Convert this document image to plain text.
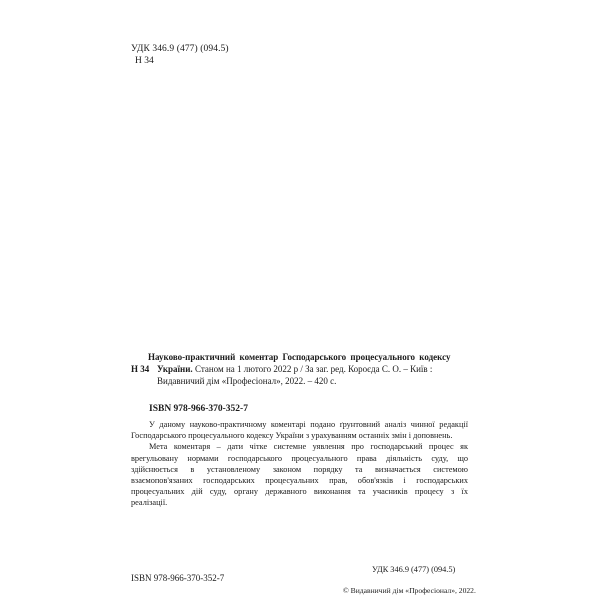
УДК 346.9 (477) (094.5)
Н 34
Науково-практичний коментар Господарського процесуального кодексу
Н 34 України. Станом на 1 лютого 2022 р / За заг. ред. Короєда С. О. – Київ :
Видавничий дім «Професіонал», 2022. – 420 с.
ISBN 978-966-370-352-7

У даному науково-практичному коментарі подано ґрунтовний аналіз чинної редакції

Господарського процесуального кодексу України з урахуванням останніх змін і доповнень.

Мета коментаря – дати чітке системне уявлення про господарський процес як

врегульовану нормами господарського процесуального права діяльність суду, що

здійснюється в установленому законом порядку та визначається системою

взаємопов'язаних господарських процесуальних прав, обов'язків і господарських

процесуальних дій суду, органу державного виконання та учасників процесу з їх

реалізації.

УДК 346.9 (477) (094.5)
ISBN 978-966-370-352-7
© Видавничий дім «Професіонал», 2022.
